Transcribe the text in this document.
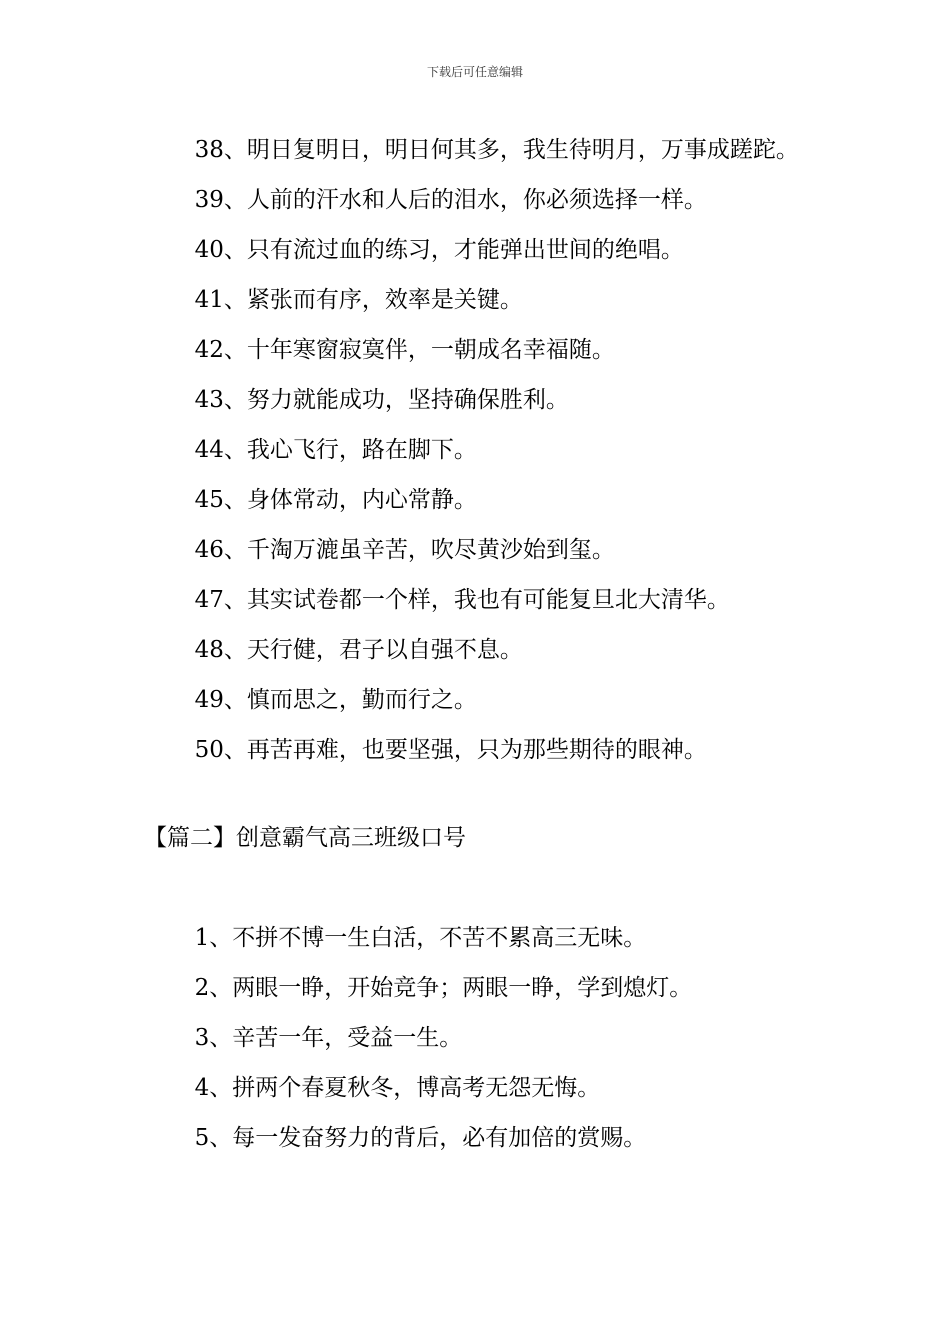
下载后可任意编辑

38、明日复明日，明日何其多，我生待明月，万事成蹉跎。

39、人前的汗水和人后的泪水，你必须选择一样。

40、只有流过血的练习，才能弹出世间的绝唱。

41、紧张而有序，效率是关键。

42、十年寒窗寂寞伴，一朝成名幸福随。

43、努力就能成功，坚持确保胜利。

44、我心飞行，路在脚下。

45、身体常动，内心常静。

46、千淘万漉虽辛苦，吹尽黄沙始到玺。

47、其实试卷都一个样，我也有可能复旦北大清华。

48、天行健，君子以自强不息。

49、慎而思之，勤而行之。

50、再苦再难，也要坚强，只为那些期待的眼神。

【篇二】创意霸气高三班级口号

1、不拼不博一生白活，不苦不累高三无味。

2、两眼一睁，开始竞争；两眼一睁，学到熄灯。

3、辛苦一年，受益一生。

4、拼两个春夏秋冬，博高考无怨无悔。

5、每一发奋努力的背后，必有加倍的赏赐。
